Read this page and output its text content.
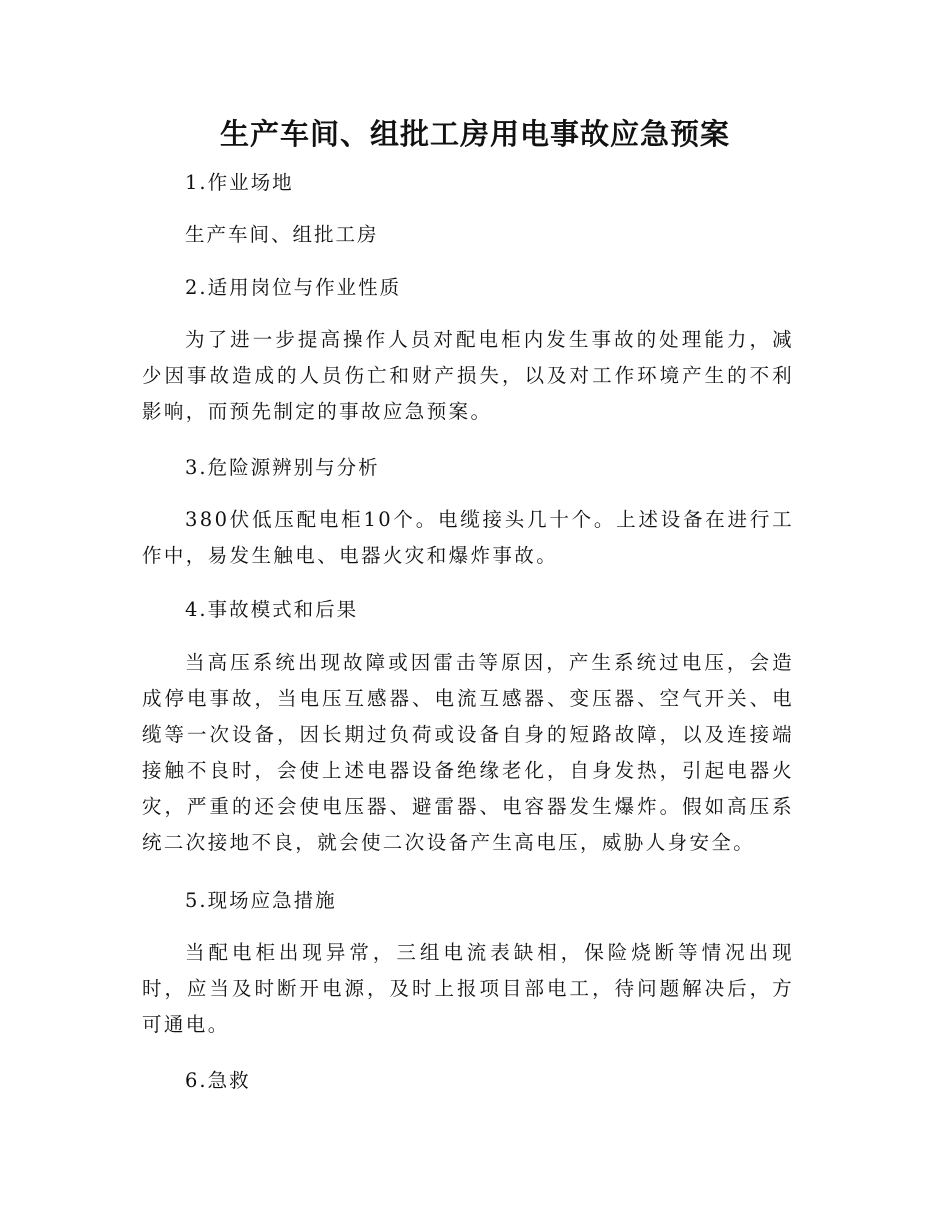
生产车间、组批工房用电事故应急预案
1.作业场地
生产车间、组批工房
2.适用岗位与作业性质
为了进一步提高操作人员对配电柜内发生事故的处理能力，减少因事故造成的人员伤亡和财产损失，以及对工作环境产生的不利影响，而预先制定的事故应急预案。
3.危险源辨别与分析
380伏低压配电柜10个。电缆接头几十个。上述设备在进行工作中，易发生触电、电器火灾和爆炸事故。
4.事故模式和后果
当高压系统出现故障或因雷击等原因，产生系统过电压，会造成停电事故，当电压互感器、电流互感器、变压器、空气开关、电缆等一次设备，因长期过负荷或设备自身的短路故障，以及连接端接触不良时，会使上述电器设备绝缘老化，自身发热，引起电器火灾，严重的还会使电压器、避雷器、电容器发生爆炸。假如高压系统二次接地不良，就会使二次设备产生高电压，威胁人身安全。
5.现场应急措施
当配电柜出现异常，三组电流表缺相，保险烧断等情况出现时，应当及时断开电源，及时上报项目部电工，待问题解决后，方可通电。
6.急救
